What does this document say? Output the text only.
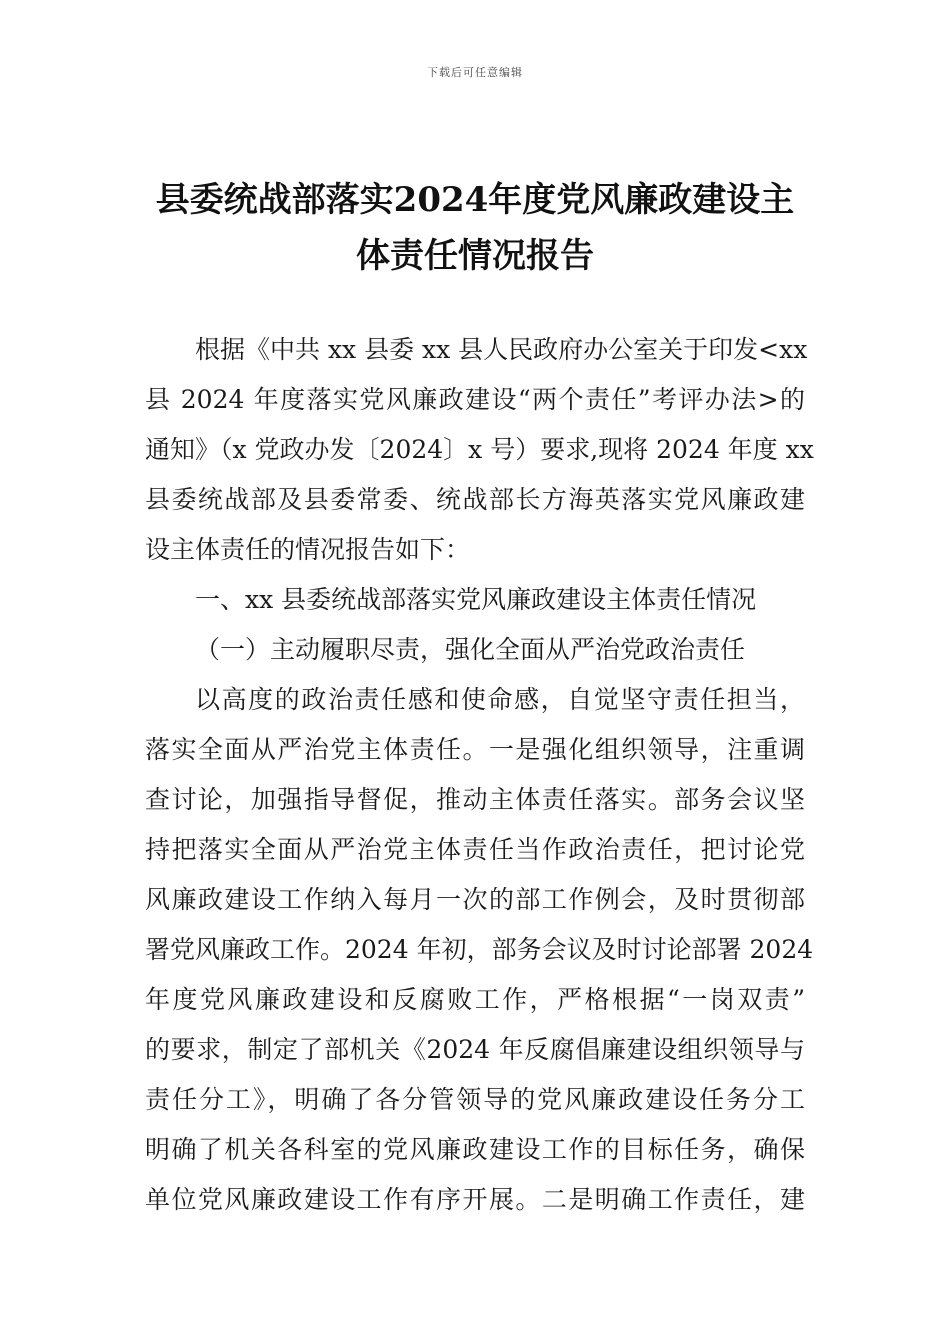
下载后可任意编辑
县委统战部落实2024年度党风廉政建设主
体责任情况报告
根据《中共 xx 县委 xx 县人民政府办公室关于印发<xx
县 2024 年度落实党风廉政建设“两个责任”考评办法>的
通知》（x 党政办发〔2024〕x 号）要求,现将 2024 年度 xx
县委统战部及县委常委、统战部长方海英落实党风廉政建
设主体责任的情况报告如下：
一、xx 县委统战部落实党风廉政建设主体责任情况
（一）主动履职尽责，强化全面从严治党政治责任
以高度的政治责任感和使命感，自觉坚守责任担当，
落实全面从严治党主体责任。一是强化组织领导，注重调
查讨论，加强指导督促，推动主体责任落实。部务会议坚
持把落实全面从严治党主体责任当作政治责任，把讨论党
风廉政建设工作纳入每月一次的部工作例会，及时贯彻部
署党风廉政工作。2024 年初，部务会议及时讨论部署 2024
年度党风廉政建设和反腐败工作，严格根据“一岗双责”
的要求，制定了部机关《2024 年反腐倡廉建设组织领导与
责任分工》，明确了各分管领导的党风廉政建设任务分工
明确了机关各科室的党风廉政建设工作的目标任务，确保
单位党风廉政建设工作有序开展。二是明确工作责任，建
